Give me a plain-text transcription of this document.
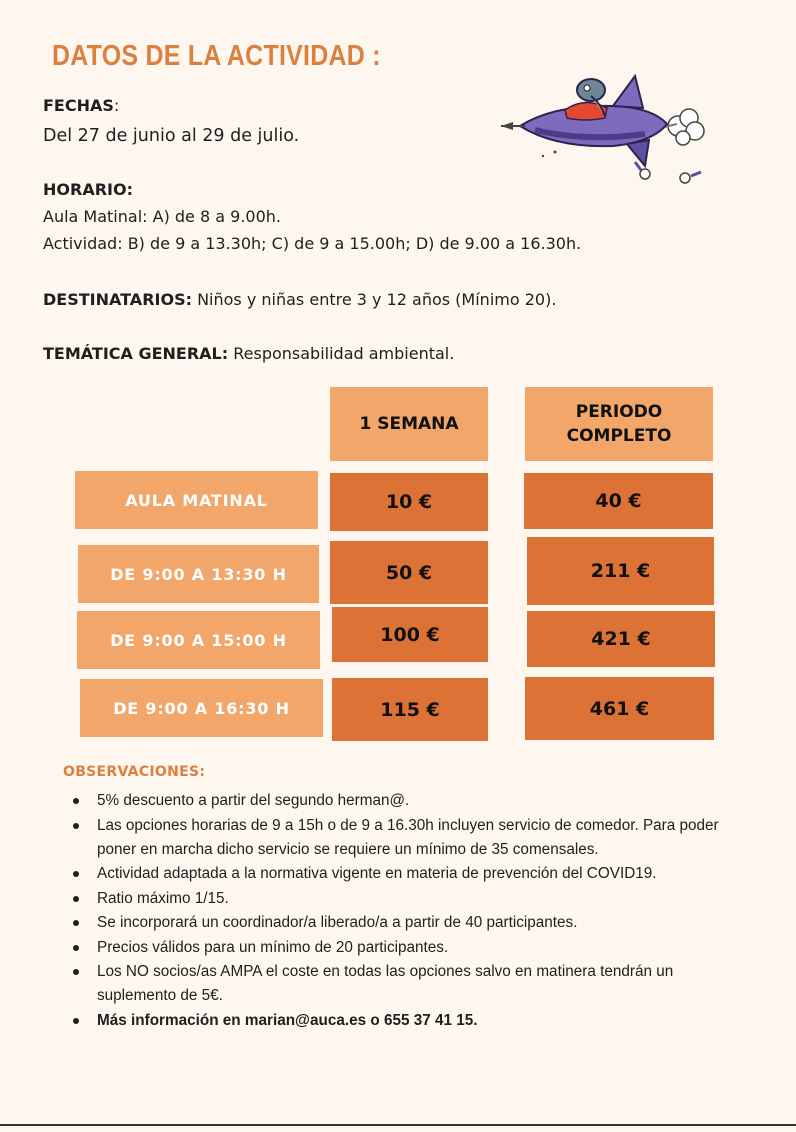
DATOS DE LA ACTIVIDAD :
FECHAS:
Del 27 de junio al 29 de julio.
HORARIO:
Aula Matinal: A) de 8 a 9.00h.
Actividad: B) de 9 a 13.30h; C) de 9 a 15.00h; D) de 9.00 a 16.30h.
DESTINATARIOS: Niños y niñas entre 3 y 12 años (Mínimo 20).
TEMÁTICA GENERAL: Responsabilidad ambiental.
1 SEMANA
PERIODO COMPLETO
AULA MATINAL	10 €	40 €
DE 9:00 A 13:30 H	50 €	211 €
DE 9:00 A 15:00 H	100 €	421 €
DE 9:00 A 16:30 H	115 €	461 €
OBSERVACIONES:
5% descuento a partir del segundo herman@.
Las opciones horarias de 9 a 15h o de 9 a 16.30h incluyen servicio de comedor. Para poder poner en marcha dicho servicio se requiere un mínimo de 35 comensales.
Actividad adaptada a la normativa vigente en materia de prevención del COVID19.
Ratio máximo 1/15.
Se incorporará un coordinador/a liberado/a a partir de 40 participantes.
Precios válidos para un mínimo de 20 participantes.
Los NO socios/as AMPA el coste en todas las opciones salvo en matinera tendrán un suplemento de 5€.
Más información en marian@auca.es o 655 37 41 15.
